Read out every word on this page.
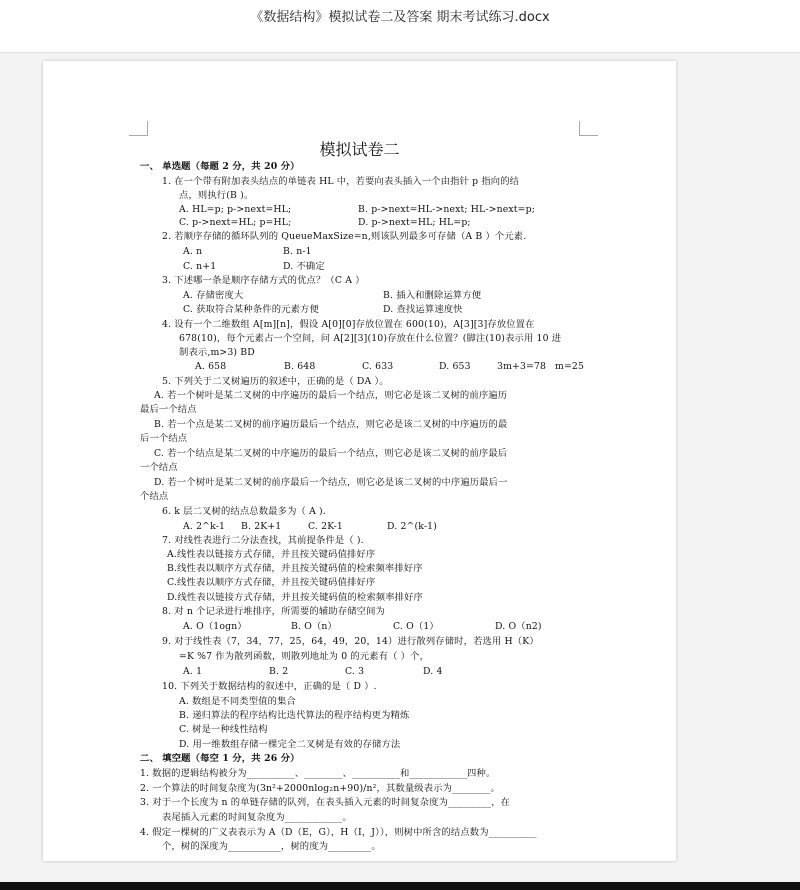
《数据结构》模拟试卷二及答案 期末考试练习.docx
模拟试卷二
一、 单选题（每题 2 分，共 20 分）
1. 在一个带有附加表头结点的单链表 HL 中，若要向表头插入一个由指针 p 指向的结
点，则执行(B )。
A. HL=p; p->next=HL;	B. p->next=HL->next; HL->next=p;
C. p->next=HL; p=HL;	D. p->next=HL; HL=p;
2. 若顺序存储的循环队列的 QueueMaxSize=n,则该队列最多可存储（A B ）个元素.
A. n	B. n-1
C. n+1	D. 不确定
3. 下述哪一条是顺序存储方式的优点？（C A ）
A. 存储密度大	B. 插入和删除运算方便
C. 获取符合某种条件的元素方便	D. 查找运算速度快
4. 设有一个二维数组 A[m][n]，假设 A[0][0]存放位置在 600(10)，A[3][3]存放位置在
678(10)，每个元素占一个空间，问 A[2][3](10)存放在什么位置？(脚注(10)表示用 10 进
制表示,m>3) BD
A. 658	B. 648	C. 633	D. 653	3m+3=78 m=25
5. 下列关于二叉树遍历的叙述中，正确的是（ DA ）。
A. 若一个树叶是某二叉树的中序遍历的最后一个结点，则它必是该二叉树的前序遍历
最后一个结点
B. 若一个点是某二叉树的前序遍历最后一个结点，则它必是该二叉树的中序遍历的最
后一个结点
C. 若一个结点是某二叉树的中序遍历的最后一个结点，则它必是该二叉树的前序最后
一个结点
D. 若一个树叶是某二叉树的前序最后一个结点，则它必是该二叉树的中序遍历最后一
个结点
6. k 层二叉树的结点总数最多为（ A ).
A. 2^k-1 B. 2K+1	C. 2K-1	D. 2^(k-1)
7. 对线性表进行二分法查找，其前提条件是（ ).
A.线性表以链接方式存储，并且按关键码值排好序
B.线性表以顺序方式存储，并且按关键码值的检索频率排好序
C.线性表以顺序方式存储，并且按关键码值排好序
D.线性表以链接方式存储，并且按关键码值的检索频率排好序
8. 对 n 个记录进行堆排序，所需要的辅助存储空间为
A. O（1ogn）	B. O（n）	C. O（1）	D. O（n2)
9. 对于线性表（7，34，77，25，64，49，20，14）进行散列存储时，若选用 H（K）
=K %7 作为散列函数，则散列地址为 0 的元素有（ ）个，
A. 1	B. 2	C. 3	D. 4
10. 下列关于数据结构的叙述中，正确的是（ D ）.
A. 数组是不同类型值的集合
B. 递归算法的程序结构比迭代算法的程序结构更为精炼
C. 树是一种线性结构
D. 用一维数组存储一棵完全二叉树是有效的存储方法
二、 填空题（每空 1 分，共 26 分）
1. 数据的逻辑结构被分为__________、________、__________和____________四种。
2. 一个算法的时间复杂度为(3n²+2000nlog₂n+90)/n²，其数量级表示为________。
3. 对于一个长度为 n 的单链存储的队列，在表头插入元素的时间复杂度为_________，在
表尾插入元素的时间复杂度为____________。
4. 假定一棵树的广义表表示为 A（D（E，G），H（I，J）），则树中所含的结点数为__________
个，树的深度为___________，树的度为_________。
